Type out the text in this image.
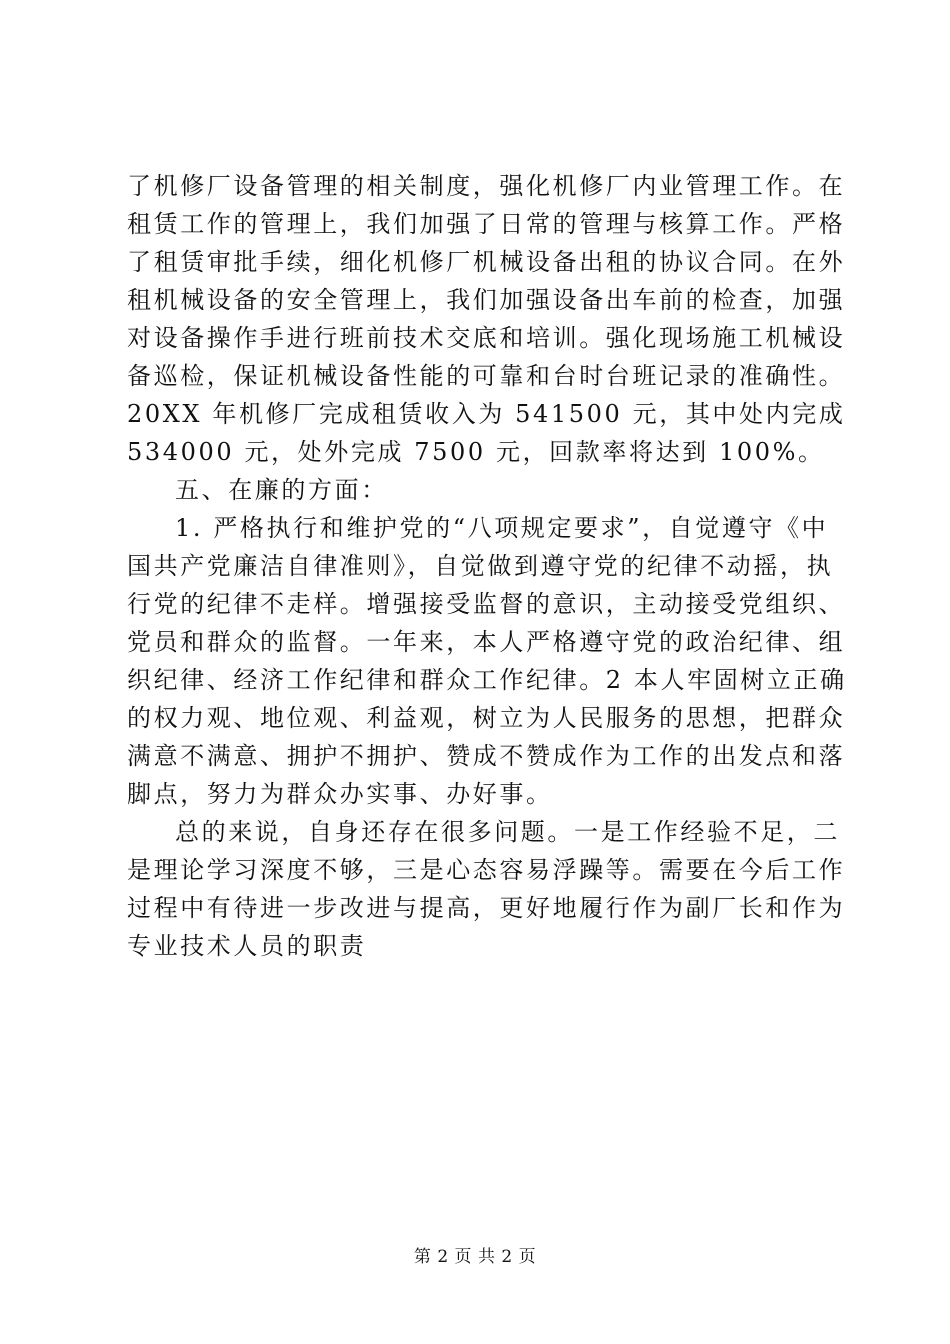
了机修厂设备管理的相关制度，强化机修厂内业管理工作。在
租赁工作的管理上，我们加强了日常的管理与核算工作。严格
了租赁审批手续，细化机修厂机械设备出租的协议合同。在外
租机械设备的安全管理上，我们加强设备出车前的检查，加强
对设备操作手进行班前技术交底和培训。强化现场施工机械设
备巡检，保证机械设备性能的可靠和台时台班记录的准确性。
20XX 年机修厂完成租赁收入为 541500 元，其中处内完成
534000 元，处外完成 7500 元，回款率将达到 100%。
五、在廉的方面：
1. 严格执行和维护党的“八项规定要求”，自觉遵守《中
国共产党廉洁自律准则》，自觉做到遵守党的纪律不动摇，执
行党的纪律不走样。增强接受监督的意识，主动接受党组织、
党员和群众的监督。一年来，本人严格遵守党的政治纪律、组
织纪律、经济工作纪律和群众工作纪律。2 本人牢固树立正确
的权力观、地位观、利益观，树立为人民服务的思想，把群众
满意不满意、拥护不拥护、赞成不赞成作为工作的出发点和落
脚点，努力为群众办实事、办好事。
总的来说，自身还存在很多问题。一是工作经验不足，二
是理论学习深度不够，三是心态容易浮躁等。需要在今后工作
过程中有待进一步改进与提高，更好地履行作为副厂长和作为
专业技术人员的职责
第 2 页 共 2 页
